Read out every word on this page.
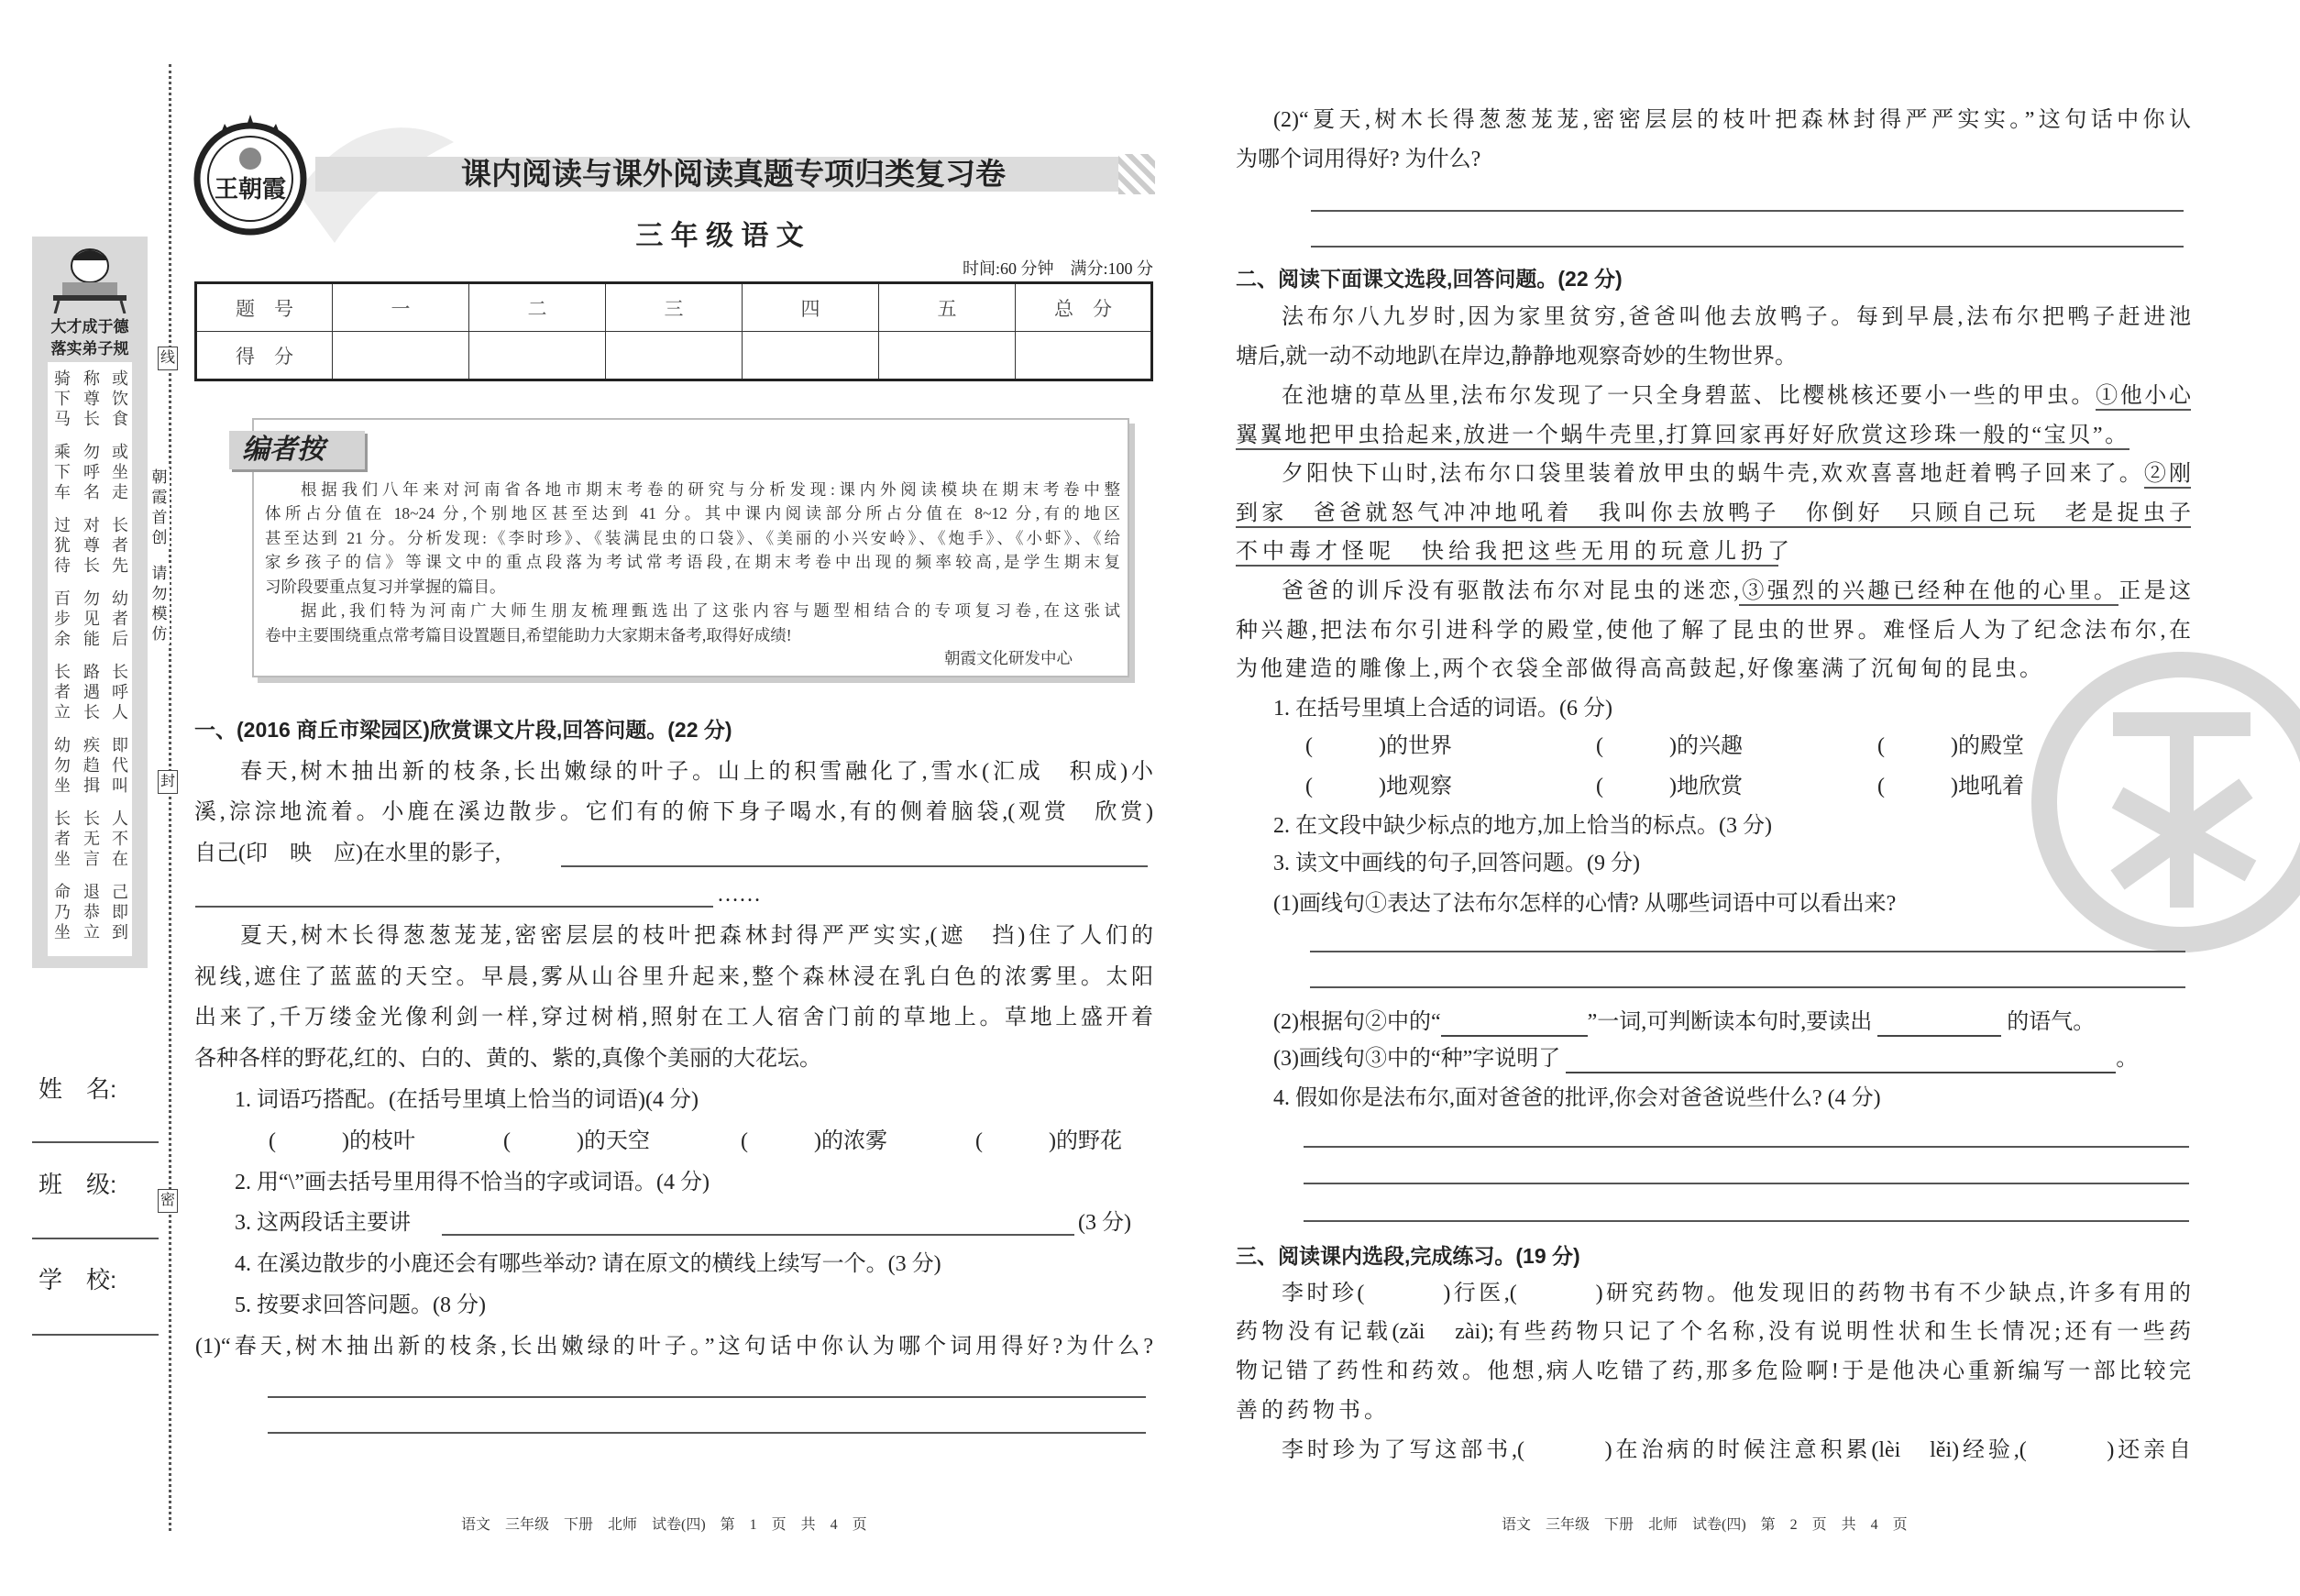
王朝霞	课内阅读与课外阅读真题专项归类复习卷
三 年 级 语 文
时间:60 分钟　满分:100 分
题　号	一	二	三	四	五	总　分
得　分						
编者按
根据我们八年来对河南省各地市期末考卷的研究与分析发现:课内外阅读模块在期末考卷中整
体所占分值在 18~24 分,个别地区甚至达到 41 分。其中课内阅读部分所占分值在 8~12 分,有的地区
甚至达到 21 分。分析发现:《李时珍》、《装满昆虫的口袋》、《美丽的小兴安岭》、《炮手》、《小虾》、《给
家乡孩子的信》等课文中的重点段落为考试常考语段,在期末考卷中出现的频率较高,是学生期末复
习阶段要重点复习并掌握的篇目。
据此,我们特为河南广大师生朋友梳理甄选出了这张内容与题型相结合的专项复习卷,在这张试
卷中主要围绕重点常考篇目设置题目,希望能助力大家期末备考,取得好成绩!
朝霞文化研发中心
大才成于德
落实弟子规
骑下马
称尊长
或饮食
乘下车
勿呼名
或坐走
过犹待
对尊长
长者先
百步余
勿见能
幼者后
长者立
路遇长
长呼人
幼勿坐
疾趋揖
即代叫
长者坐
长无言
人不在
命乃坐
退恭立
己即到
线
朝霞首创
请勿模仿
封
密
姓　名:
班　级:
学　校:
一、(2016 商丘市梁园区)欣赏课文片段,回答问题。(22 分)
春天,树木抽出新的枝条,长出嫩绿的叶子。山上的积雪融化了,雪水(汇成　积成)小
溪,淙淙地流着。小鹿在溪边散步。它们有的俯下身子喝水,有的侧着脑袋,(观赏　欣赏)
自己(印　映　应)在水里的影子,
……
夏天,树木长得葱葱茏茏,密密层层的枝叶把森林封得严严实实,(遮　挡)住了人们的
视线,遮住了蓝蓝的天空。早晨,雾从山谷里升起来,整个森林浸在乳白色的浓雾里。太阳
出来了,千万缕金光像利剑一样,穿过树梢,照射在工人宿舍门前的草地上。草地上盛开着
各种各样的野花,红的、白的、黄的、紫的,真像个美丽的大花坛。
1. 词语巧搭配。(在括号里填上恰当的词语)(4 分)
(　　　)的枝叶	(　　　)的天空	(　　　)的浓雾	(　　　)的野花
2. 用“\”画去括号里用得不恰当的字或词语。(4 分)
3. 这两段话主要讲	(3 分)
4. 在溪边散步的小鹿还会有哪些举动? 请在原文的横线上续写一个。(3 分)
5. 按要求回答问题。(8 分)
(1)“春天,树木抽出新的枝条,长出嫩绿的叶子。”这句话中你认为哪个词用得好?为什么?
语文　三年级　下册　北师　试卷(四)　第 1 页　共 4 页
(2)“夏天,树木长得葱葱茏茏,密密层层的枝叶把森林封得严严实实。”这句话中你认
为哪个词用得好? 为什么?
二、阅读下面课文选段,回答问题。(22 分)
法布尔八九岁时,因为家里贫穷,爸爸叫他去放鸭子。每到早晨,法布尔把鸭子赶进池
塘后,就一动不动地趴在岸边,静静地观察奇妙的生物世界。
在池塘的草丛里,法布尔发现了一只全身碧蓝、比樱桃核还要小一些的甲虫。①他小心
翼翼地把甲虫拾起来,放进一个蜗牛壳里,打算回家再好好欣赏这珍珠一般的“宝贝”。
夕阳快下山时,法布尔口袋里装着放甲虫的蜗牛壳,欢欢喜喜地赶着鸭子回来了。②刚
到家　爸爸就怒气冲冲地吼着　我叫你去放鸭子　你倒好　只顾自己玩　老是捉虫子
不中毒才怪呢　快给我把这些无用的玩意儿扔了
爸爸的训斥没有驱散法布尔对昆虫的迷恋,③强烈的兴趣已经种在他的心里。正是这
种兴趣,把法布尔引进科学的殿堂,使他了解了昆虫的世界。难怪后人为了纪念法布尔,在
为他建造的雕像上,两个衣袋全部做得高高鼓起,好像塞满了沉甸甸的昆虫。
1. 在括号里填上合适的词语。(6 分)
(　　　)的世界	(　　　)的兴趣	(　　　)的殿堂
(　　　)地观察	(　　　)地欣赏	(　　　)地吼着
2. 在文段中缺少标点的地方,加上恰当的标点。(3 分)
3. 读文中画线的句子,回答问题。(9 分)
(1)画线句①表达了法布尔怎样的心情? 从哪些词语中可以看出来?
(2)根据句②中的“	”一词,可判断读本句时,要读出	的语气。
(3)画线句③中的“种”字说明了	。
4. 假如你是法布尔,面对爸爸的批评,你会对爸爸说些什么? (4 分)
三、阅读课内选段,完成练习。(19 分)
李时珍(　　　)行医,(　　　)研究药物。他发现旧的药物书有不少缺点,许多有用的
药物没有记载(zǎi　zài);有些药物只记了个名称,没有说明性状和生长情况;还有一些药
物记错了药性和药效。他想,病人吃错了药,那多危险啊!于是他决心重新编写一部比较完
善的药物书。
李时珍为了写这部书,(　　　)在治病的时候注意积累(lèi　lěi)经验,(　　　)还亲自
语文　三年级　下册　北师　试卷(四)　第 2 页　共 4 页
